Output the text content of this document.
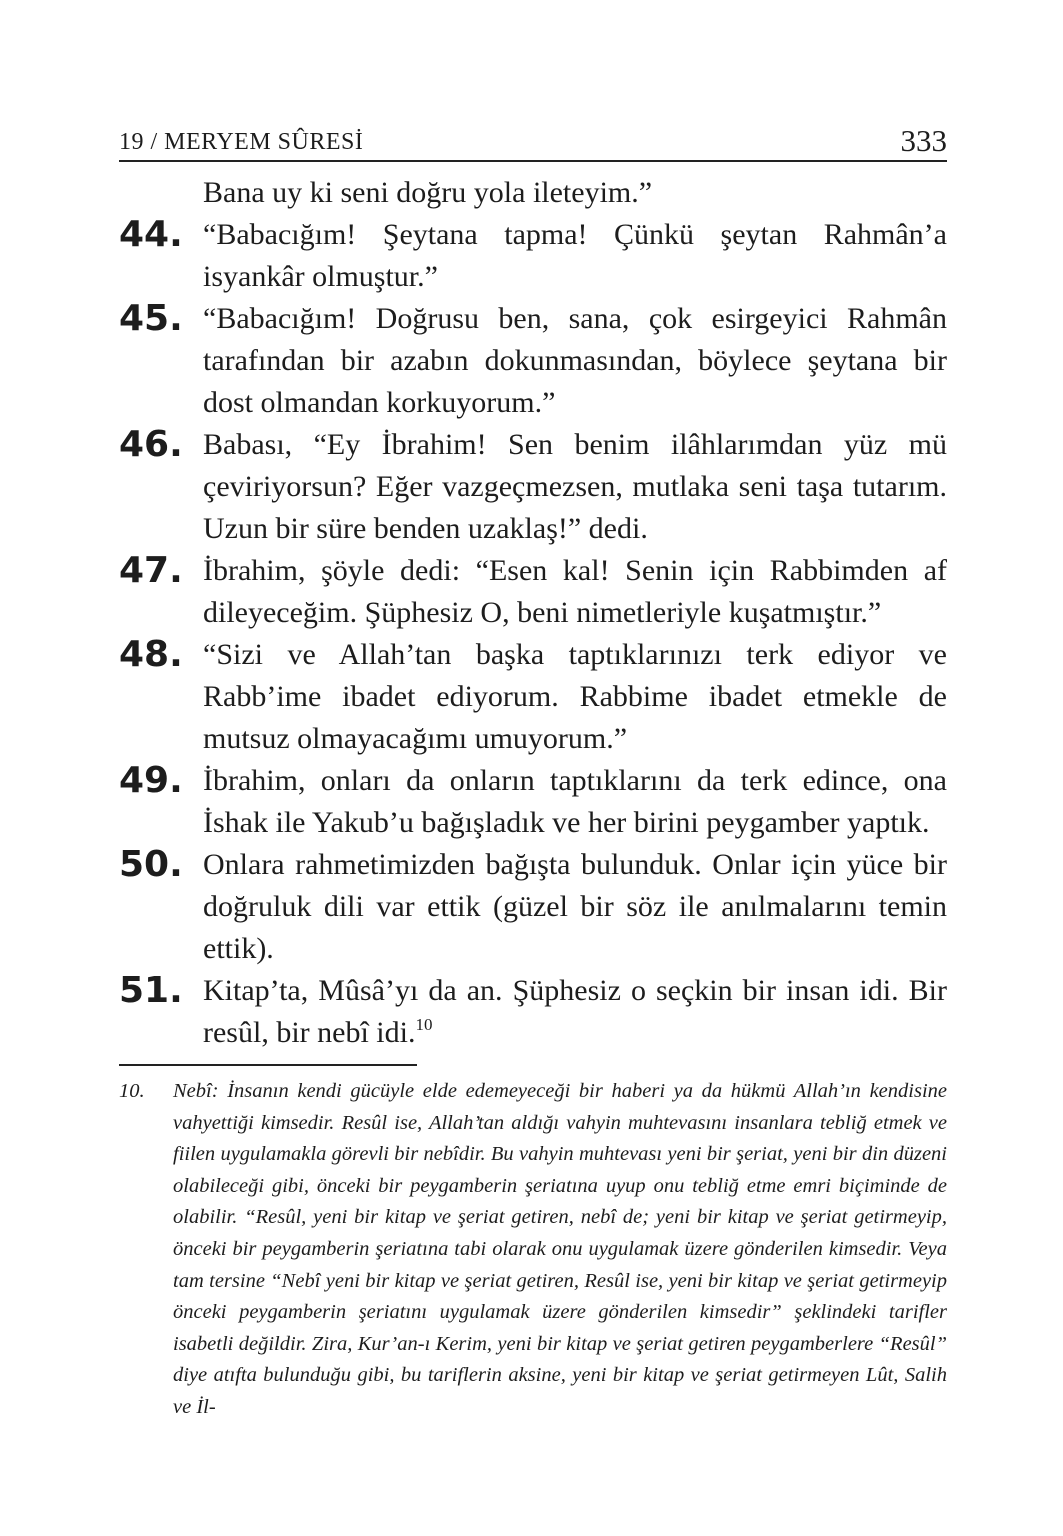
19 / MERYEM SÛRESİ	333
Bana uy ki seni doğru yola ileteyim.”
44. “Babacığım! Şeytana tapma! Çünkü şeytan Rahmân’a isyankâr olmuştur.”
45. “Babacığım! Doğrusu ben, sana, çok esirgeyici Rahmân tarafından bir azabın dokunmasından, böylece şeytana bir dost olmandan korkuyorum.”
46. Babası, “Ey İbrahim! Sen benim ilâhlarımdan yüz mü çeviriyorsun? Eğer vazgeçmezsen, mutlaka seni taşa tutarım. Uzun bir süre benden uzaklaş!” dedi.
47. İbrahim, şöyle dedi: “Esen kal! Senin için Rabbimden af dileyeceğim. Şüphesiz O, beni nimetleriyle kuşatmıştır.”
48. “Sizi ve Allah’tan başka taptıklarınızı terk ediyor ve Rabb’ime ibadet ediyorum. Rabbime ibadet etmekle de mutsuz olmayacağımı umuyorum.”
49. İbrahim, onları da onların taptıklarını da terk edince, ona İshak ile Yakub’u bağışladık ve her birini peygamber yaptık.
50. Onlara rahmetimizden bağışta bulunduk. Onlar için yüce bir doğruluk dili var ettik (güzel bir söz ile anılmalarını temin ettik).
51. Kitap’ta, Mûsâ’yı da an. Şüphesiz o seçkin bir insan idi. Bir resûl, bir nebî idi.$^{10}$
10.	Nebî: İnsanın kendi gücüyle elde edemeyeceği bir haberi ya da hükmü Allah’ın kendisine vahyettiği kimsedir. Resûl ise, Allah’tan aldığı vahyin muhtevasını insanlara tebliğ etmek ve fiilen uygulamakla görevli bir nebîdir. Bu vahyin muhtevası yeni bir şeriat, yeni bir din düzeni olabileceği gibi, önceki bir peygamberin şeriatına uyup onu tebliğ etme emri biçiminde de olabilir. “Resûl, yeni bir kitap ve şeriat getiren, nebî de; yeni bir kitap ve şeriat getirmeyip, önceki bir peygamberin şeriatına tabi olarak onu uygulamak üzere gönderilen kimsedir. Veya tam tersine “Nebî yeni bir kitap ve şeriat getiren, Resûl ise, yeni bir kitap ve şeriat getirmeyip önceki peygamberin şeriatını uygulamak üzere gönderilen kimsedir” şeklindeki tarifler isabetli değildir. Zira, Kur’an-ı Kerim, yeni bir kitap ve şeriat getiren peygamberlere “Resûl” diye atıfta bulunduğu gibi, bu tariflerin aksine, yeni bir kitap ve şeriat getirmeyen Lût, Salih ve İl-
